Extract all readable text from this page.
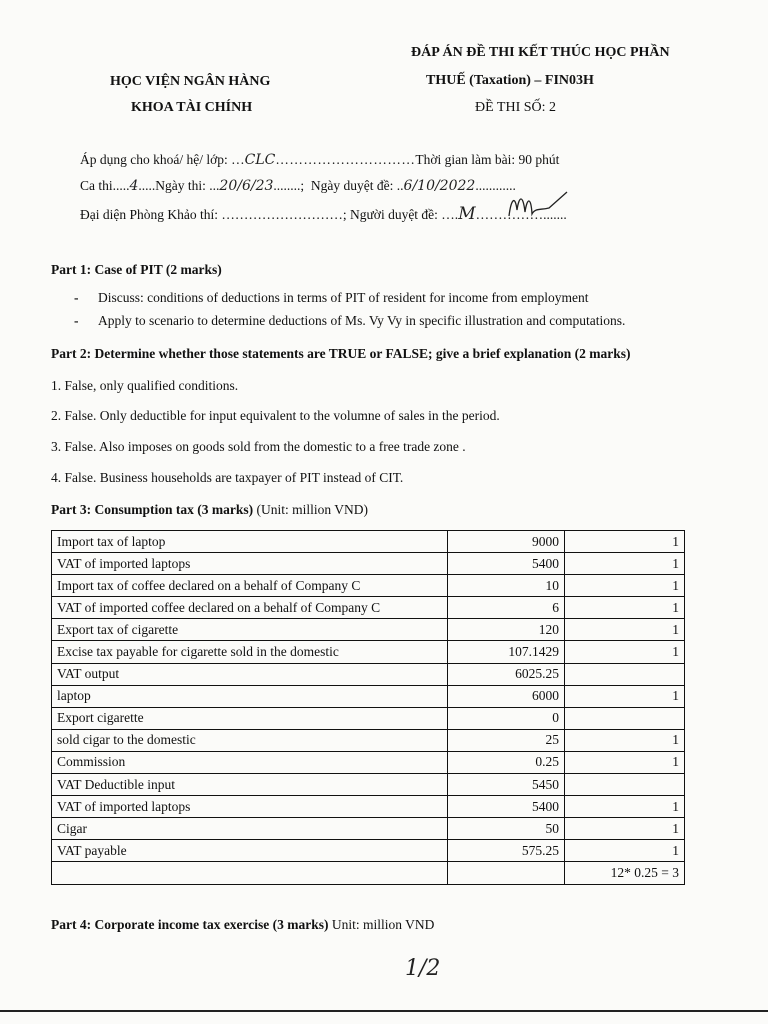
HỌC VIỆN NGÂN HÀNG
KHOA TÀI CHÍNH
ĐÁP ÁN ĐỀ THI KẾT THÚC HỌC PHẦN
THUẾ (Taxation) – FIN03H
ĐỀ THI SỐ: 2
Áp dụng cho khoá/ hệ/ lớp: …CLC…………………………Thời gian làm bài: 90 phút
Ca thi.....4.....Ngày thi: ...20/6/23........; Ngày duyệt đề: ..6/10/2022............
Đại diện Phòng Khảo thí: ………………………; Người duyệt đề: ….M…………….......
Part 1: Case of PIT (2 marks)
- Discuss: conditions of deductions in terms of PIT of resident for income from employment
- Apply to scenario to determine deductions of Ms. Vy Vy in specific illustration and computations.
Part 2: Determine whether those statements are TRUE or FALSE; give a brief explanation (2 marks)
1. False, only qualified conditions.
2. False. Only deductible for input equivalent to the volumne of sales in the period.
3. False. Also imposes on goods sold from the domestic to a free trade zone .
4. False. Business households are taxpayer of PIT instead of CIT.
Part 3: Consumption tax (3 marks) (Unit: million VND)
Import tax of laptop	9000	1
VAT of imported laptops	5400	1
Import tax of coffee declared on a behalf of Company C	10	1
VAT of imported coffee declared on a behalf of Company C	6	1
Export tax of cigarette	120	1
Excise tax payable for cigarette sold in the domestic	107.1429	1
VAT output	6025.25	
laptop	6000	1
Export cigarette	0	
sold cigar to the domestic	25	1
Commission	0.25	1
VAT Deductible input	5450	
VAT of imported laptops	5400	1
Cigar	50	1
VAT payable	575.25	1
		12* 0.25 = 3
Part 4: Corporate income tax exercise (3 marks) Unit: million VND
1/2
